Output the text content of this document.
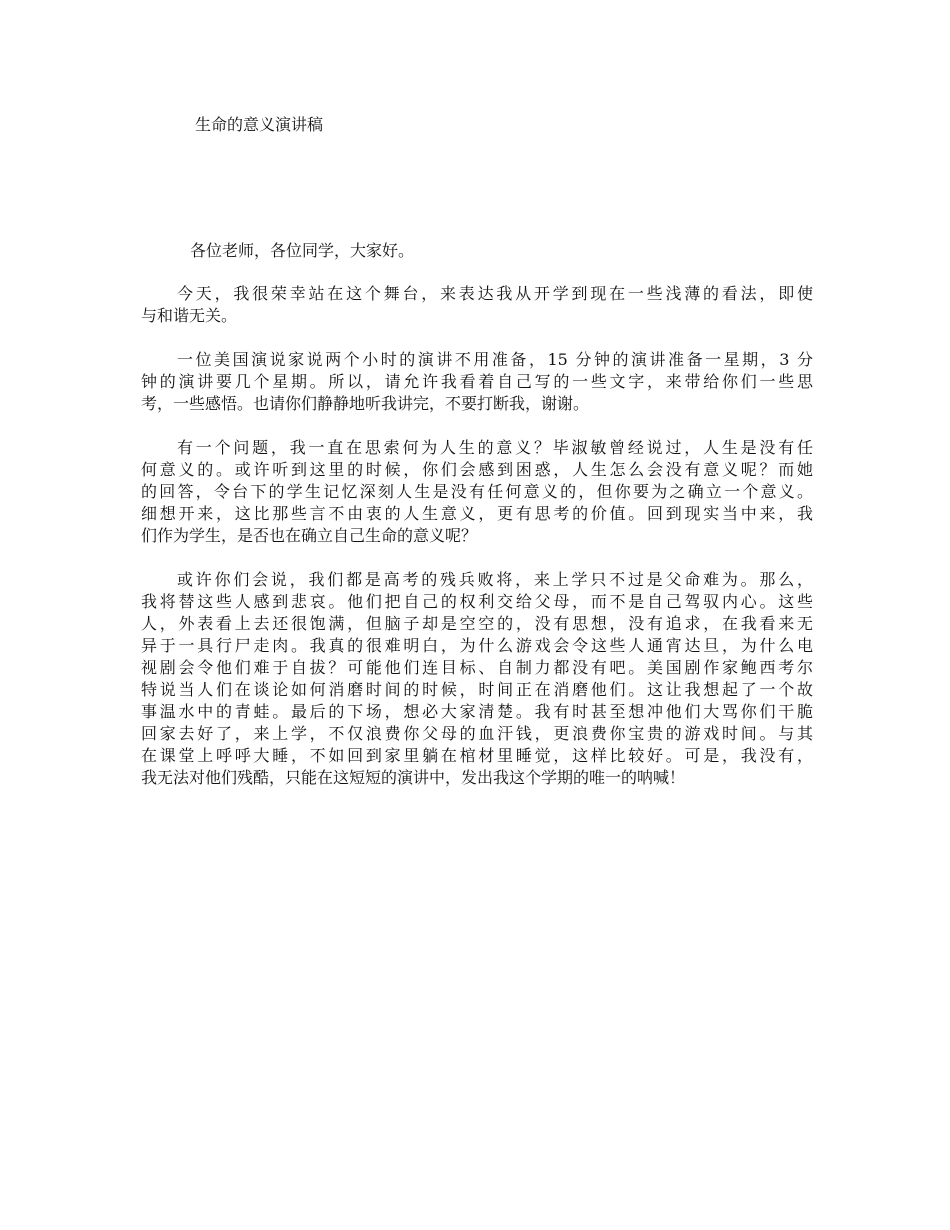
生命的意义演讲稿
各位老师，各位同学，大家好。
今天，我很荣幸站在这个舞台，来表达我从开学到现在一些浅薄的看法，即使
与和谐无关。
一位美国演说家说两个小时的演讲不用准备，15 分钟的演讲准备一星期，3 分
钟的演讲要几个星期。所以，请允许我看着自己写的一些文字，来带给你们一些思
考，一些感悟。也请你们静静地听我讲完，不要打断我，谢谢。
有一个问题，我一直在思索何为人生的意义？毕淑敏曾经说过，人生是没有任
何意义的。或许听到这里的时候，你们会感到困惑，人生怎么会没有意义呢？而她
的回答，令台下的学生记忆深刻人生是没有任何意义的，但你要为之确立一个意义。
细想开来，这比那些言不由衷的人生意义，更有思考的价值。回到现实当中来，我
们作为学生，是否也在确立自己生命的意义呢？
或许你们会说，我们都是高考的残兵败将，来上学只不过是父命难为。那么，
我将替这些人感到悲哀。他们把自己的权利交给父母，而不是自己驾驭内心。这些
人，外表看上去还很饱满，但脑子却是空空的，没有思想，没有追求，在我看来无
异于一具行尸走肉。我真的很难明白，为什么游戏会令这些人通宵达旦，为什么电
视剧会令他们难于自拔？可能他们连目标、自制力都没有吧。美国剧作家鲍西考尔
特说当人们在谈论如何消磨时间的时候，时间正在消磨他们。这让我想起了一个故
事温水中的青蛙。最后的下场，想必大家清楚。我有时甚至想冲他们大骂你们干脆
回家去好了，来上学，不仅浪费你父母的血汗钱，更浪费你宝贵的游戏时间。与其
在课堂上呼呼大睡，不如回到家里躺在棺材里睡觉，这样比较好。可是，我没有，
我无法对他们残酷，只能在这短短的演讲中，发出我这个学期的唯一的呐喊！
